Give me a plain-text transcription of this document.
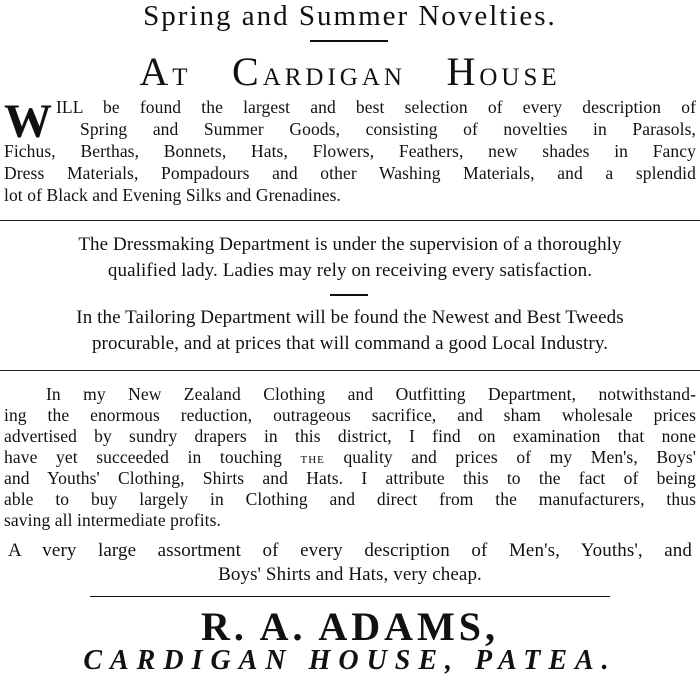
Spring and Summer Novelties.
AT CARDIGAN HOUSE
W ILL be found the largest and best selection of every description of
Spring and Summer Goods, consisting of novelties in Parasols,
Fichus, Berthas, Bonnets, Hats, Flowers, Feathers, new shades in Fancy
Dress Materials, Pompadours and other Washing Materials, and a splendid
lot of Black and Evening Silks and Grenadines.
The Dressmaking Department is under the supervision of a thoroughly
qualified lady. Ladies may rely on receiving every satisfaction.
In the Tailoring Department will be found the Newest and Best Tweeds
procurable, and at prices that will command a good Local Industry.
In my New Zealand Clothing and Outfitting Department, notwithstand-
ing the enormous reduction, outrageous sacrifice, and sham wholesale prices
advertised by sundry drapers in this district, I find on examination that none
have yet succeeded in touching THE quality and prices of my Men's, Boys'
and Youths' Clothing, Shirts and Hats. I attribute this to the fact of being
able to buy largely in Clothing and direct from the manufacturers, thus
saving all intermediate profits.
A very large assortment of every description of Men's, Youths', and
Boys' Shirts and Hats, very cheap.
R. A. ADAMS,
CARDIGAN HOUSE, PATEA.
